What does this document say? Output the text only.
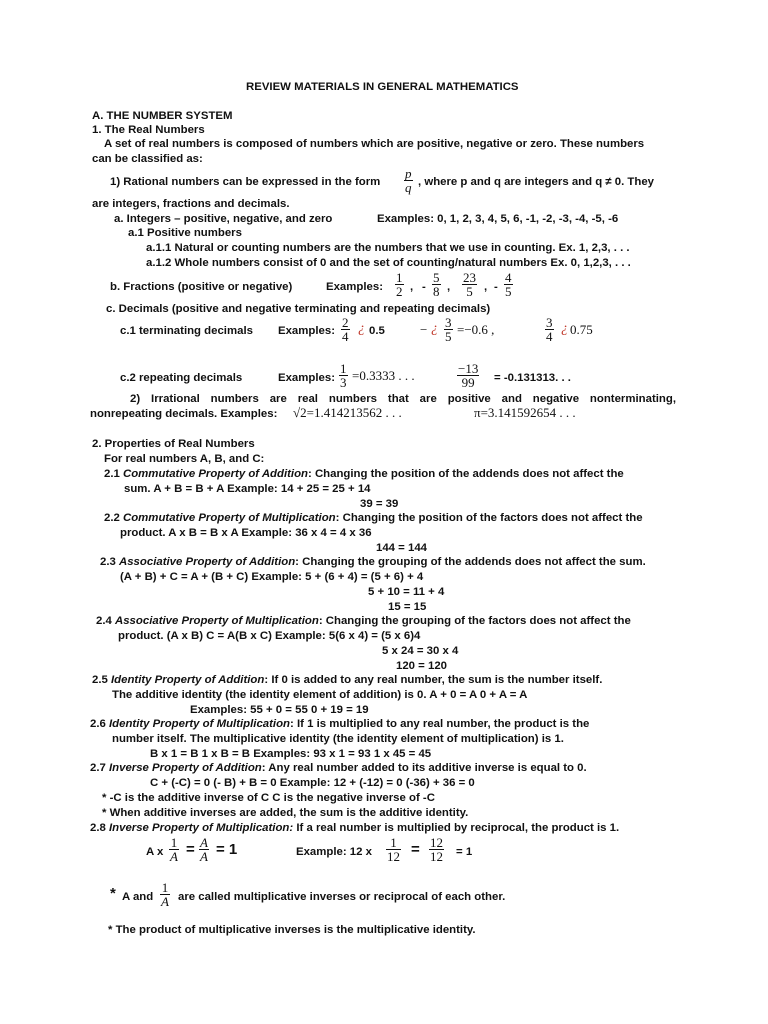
REVIEW MATERIALS IN GENERAL MATHEMATICS
A. THE NUMBER SYSTEM
1. The Real Numbers
A set of real numbers is composed of numbers which are positive, negative or zero. These numbers
can be classified as:
1) Rational numbers can be expressed in the form $\frac{p}{q}$ , where p and q are integers and q ≠ 0. They
are integers, fractions and decimals.
a. Integers – positive, negative, and zero	Examples: 0, 1, 2, 3, 4, 5, 6, -1, -2, -3, -4, -5, -6
a.1 Positive numbers
a.1.1 Natural or counting numbers are the numbers that we use in counting. Ex. 1, 2,3, . . .
a.1.2 Whole numbers consist of 0 and the set of counting/natural numbers Ex. 0, 1,2,3, . . .
b. Fractions (positive or negative)	Examples: $\frac{1}{2}$ , - $\frac{5}{8}$ , $\frac{23}{5}$ , - $\frac{4}{5}$
c. Decimals (positive and negative terminating and repeating decimals)
c.1 terminating decimals Examples: $\frac{2}{4}$ ¿ 0.5	− ¿ $\frac{3}{5} =-0.6$ ,	$\frac{3}{4}$ ¿ 0.75
c.2 repeating decimals	Examples: $\frac{1}{3} =0.3333$ . . .	$\frac{-13}{99} = -0.131313$. . .
2) Irrational numbers are real numbers that are positive and negative nonterminating,
nonrepeating decimals. Examples: √2=1.414213562 . . .	π=3.141592654 . . .
2. Properties of Real Numbers
For real numbers A, B, and C:
2.1 Commutative Property of Addition: Changing the position of the addends does not affect the
sum. A + B = B + A Example: 14 + 25 = 25 + 14
39 = 39
2.2 Commutative Property of Multiplication: Changing the position of the factors does not affect the
product. A x B = B x A Example: 36 x 4 = 4 x 36
144 = 144
2.3 Associative Property of Addition: Changing the grouping of the addends does not affect the sum.
(A + B) + C = A + (B + C) Example: 5 + (6 + 4) = (5 + 6) + 4
5 + 10 = 11 + 4
15 = 15
2.4 Associative Property of Multiplication: Changing the grouping of the factors does not affect the
product. (A x B) C = A(B x C) Example: 5(6 x 4) = (5 x 6)4
5 x 24 = 30 x 4
120 = 120
2.5 Identity Property of Addition: If 0 is added to any real number, the sum is the number itself.
The additive identity (the identity element of addition) is 0. A + 0 = A 0 + A = A
Examples: 55 + 0 = 55 0 + 19 = 19
2.6 Identity Property of Multiplication: If 1 is multiplied to any real number, the product is the
number itself. The multiplicative identity (the identity element of multiplication) is 1.
B x 1 = B 1 x B = B Examples: 93 x 1 = 93 1 x 45 = 45
2.7 Inverse Property of Addition: Any real number added to its additive inverse is equal to 0.
C + (-C) = 0 (- B) + B = 0 Example: 12 + (-12) = 0 (-36) + 36 = 0
* -C is the additive inverse of C C is the negative inverse of -C
* When additive inverses are added, the sum is the additive identity.
2.8 Inverse Property of Multiplication: If a real number is multiplied by reciprocal, the product is 1.
A x $\frac{1}{A} = \frac{A}{A} = 1$	Example: 12 x $\frac{1}{12} = \frac{12}{12} = 1$
* A and $\frac{1}{A}$ are called multiplicative inverses or reciprocal of each other.
* The product of multiplicative inverses is the multiplicative identity.
